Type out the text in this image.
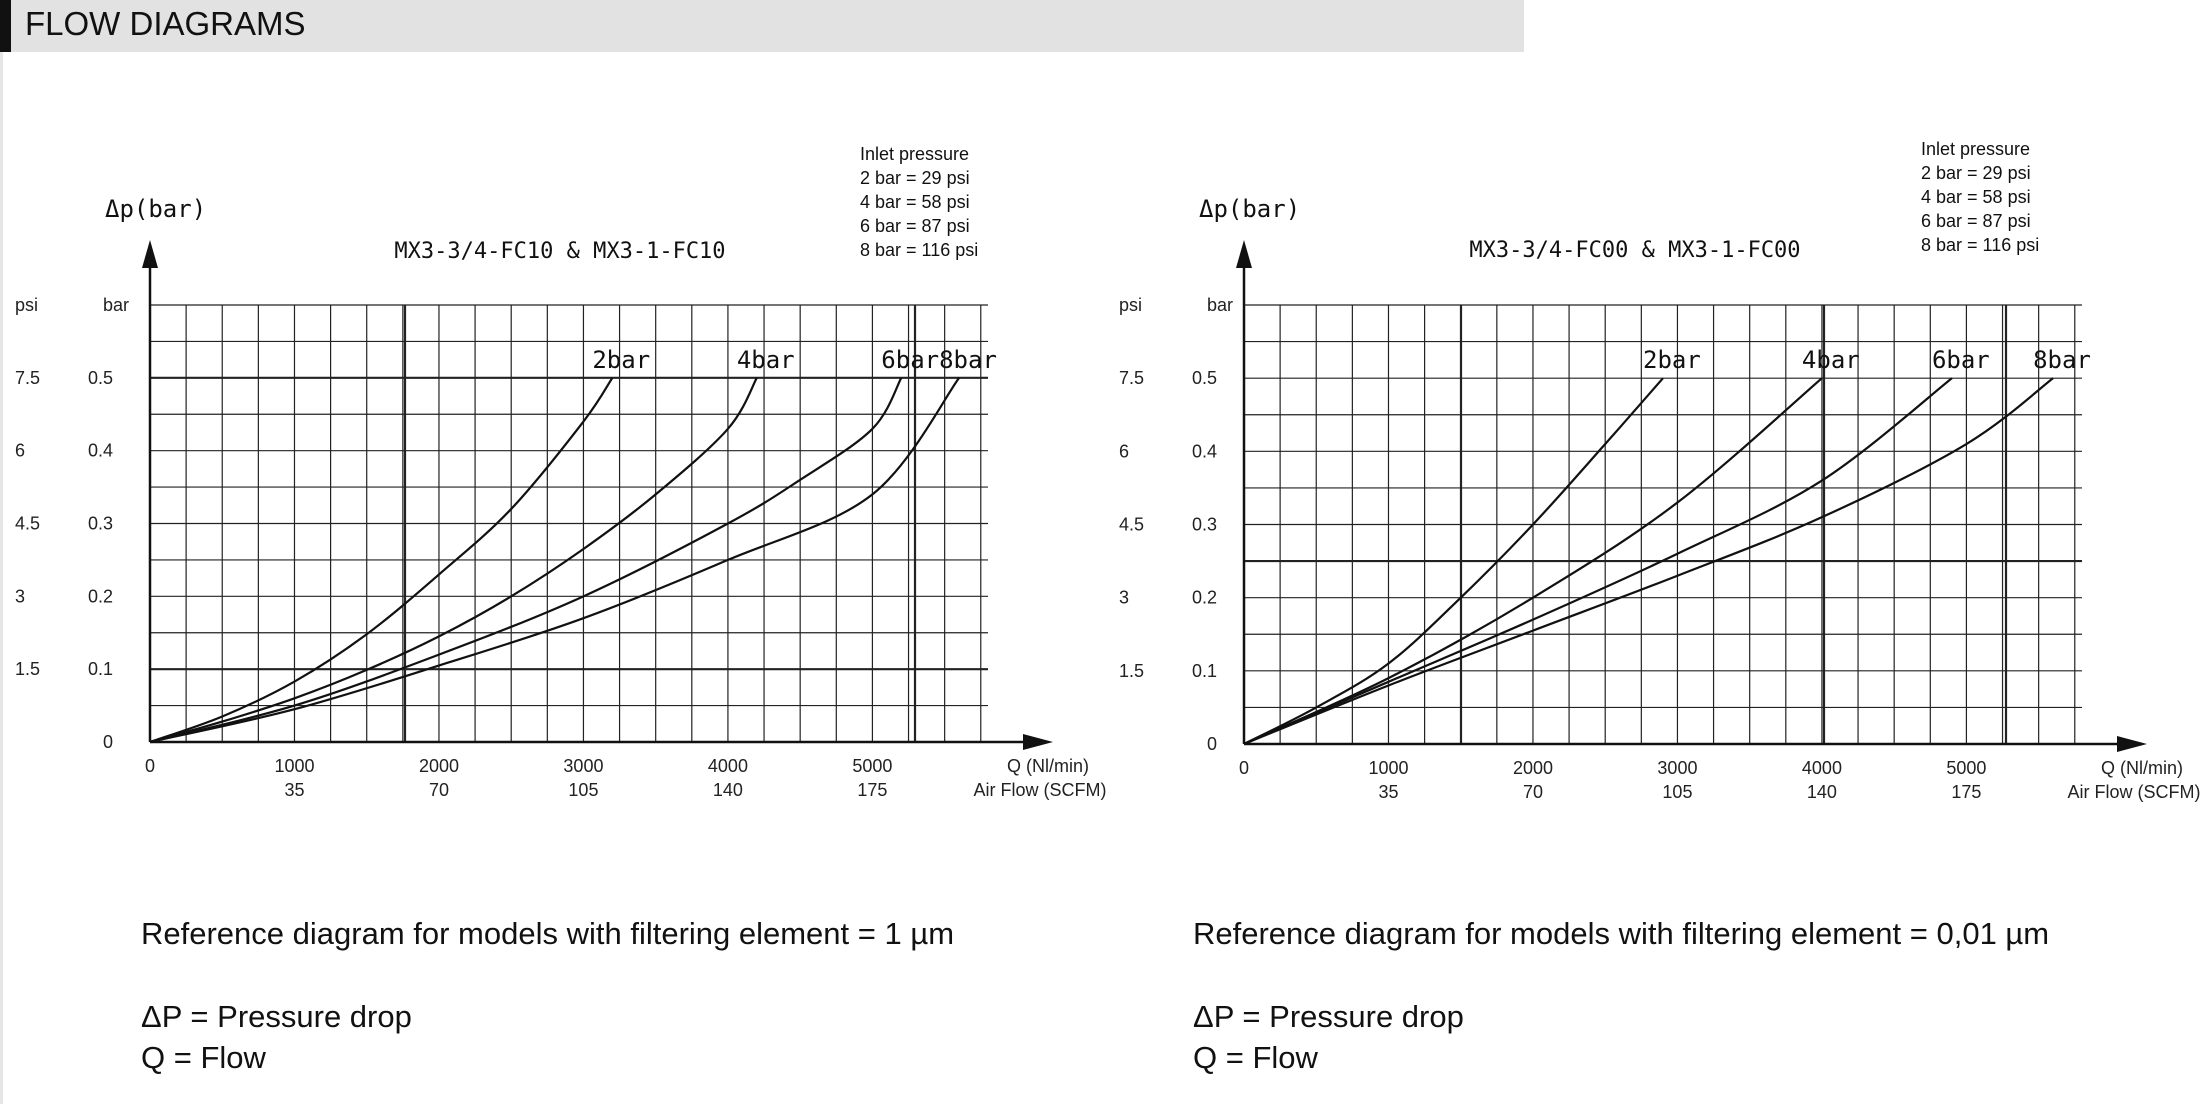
FLOW DIAGRAMS
0
0.1
1.5
0.2
3
0.3
4.5
0.4
6
0.5
7.5
psi	bar
Δp(bar)
0	1000
35
2000
70
3000
105
4000
140
5000
175
Q (Nl/min)
Air Flow (SCFM)
MX3-3/4-FC10 & MX3-1-FC10
Inlet pressure
2 bar = 29 psi
4 bar = 58 psi
6 bar = 87 psi
8 bar = 116 psi
2bar	4bar	6bar 8bar
0
0.1
1.5
0.2
3
0.3
4.5
0.4
6
0.5
7.5
psi	bar
Δp(bar)
0	1000
35
2000
70
3000
105
4000
140
5000
175
Q (Nl/min)
Air Flow (SCFM)
MX3-3/4-FC00 & MX3-1-FC00
Inlet pressure
2 bar = 29 psi
4 bar = 58 psi
6 bar = 87 psi
8 bar = 116 psi
2bar	4bar	6bar 8bar
Reference diagram for models with filtering element = 1 µm
ΔP = Pressure drop
Q = Flow
Reference diagram for models with filtering element = 0,01 µm
ΔP = Pressure drop
Q = Flow
